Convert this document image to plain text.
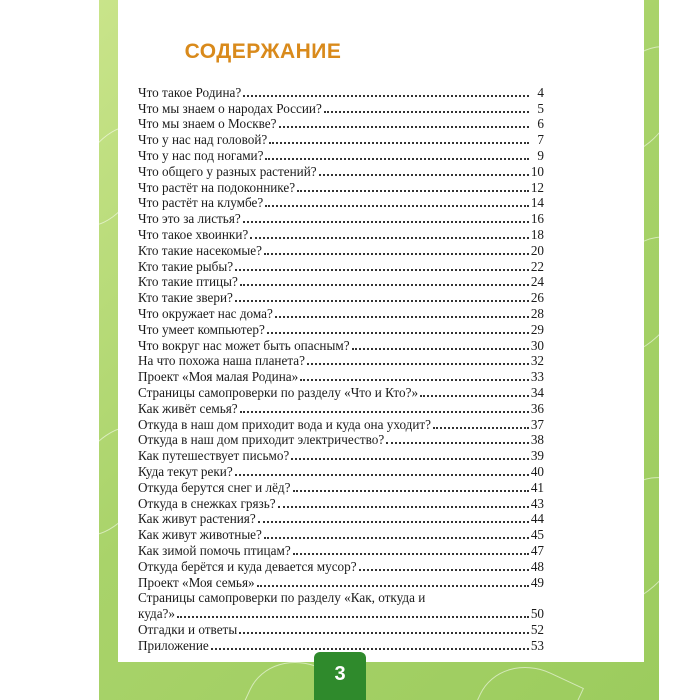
СОДЕРЖАНИЕ
Что такое Родина?	4
Что мы знаем о народах России?	5
Что мы знаем о Москве?	6
Что у нас над головой?	7
Что у нас под ногами?	9
Что общего у разных растений?	10
Что растёт на подоконнике?	12
Что растёт на клумбе?	14
Что это за листья?	16
Что такое хвоинки?	18
Кто такие насекомые?	20
Кто такие рыбы?	22
Кто такие птицы?	24
Кто такие звери?	26
Что окружает нас дома?	28
Что умеет компьютер?	29
Что вокруг нас может быть опасным?	30
На что похожа наша планета?	32
Проект «Моя малая Родина»	33
Страницы самопроверки по разделу «Что и Кто?»	34
Как живёт семья?	36
Откуда в наш дом приходит вода и куда она уходит?	37
Откуда в наш дом приходит электричество?	38
Как путешествует письмо?	39
Куда текут реки?	40
Откуда берутся снег и лёд?	41
Откуда в снежках грязь?	43
Как живут растения?	44
Как живут животные?	45
Как зимой помочь птицам?	47
Откуда берётся и куда девается мусор?	48
Проект «Моя семья»	49
Страницы самопроверки по разделу «Как, откуда и
куда?»	50
Отгадки и ответы	52
Приложение	53
3
